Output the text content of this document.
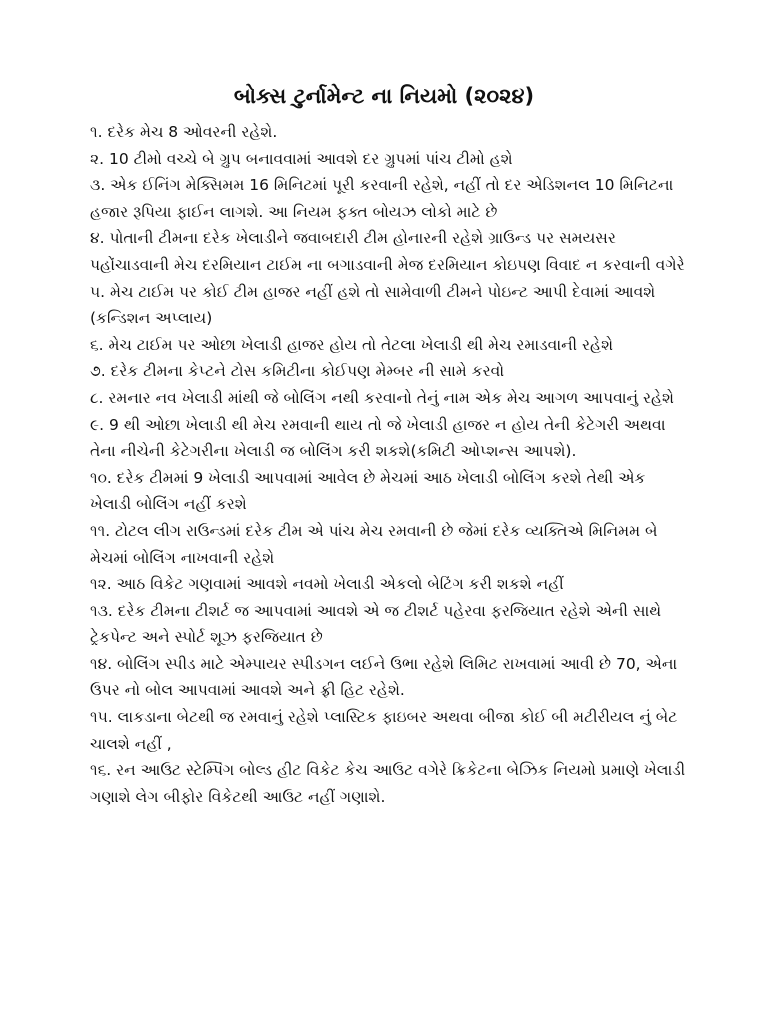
બોક્સ ટુર્નામેન્ટ ના નિયમો (૨૦૨૪)
૧. દરેક મેચ 8 ઓવરની રહેશે.
૨. 10 ટીમો વચ્ચે બે ગ્રુપ બનાવવામાં આવશે દર ગ્રુપમાં પાંચ ટીમો હશે
૩. એક ઈનિંગ મેક્સિમમ 16 મિનિટમાં પૂરી કરવાની રહેશે, નહીં તો દર એડિશનલ 10 મિનિટના હજાર રૂપિયા ફાઈન લાગશે. આ નિયમ ફક્ત બોયઝ લોકો માટે છે
૪. પોતાની ટીમના દરેક ખેલાડીને જવાબદારી ટીમ હોનારની રહેશે ગ્રાઉન્ડ પર સમયસર પહોંચાડવાની મેચ દરમિયાન ટાઈમ ના બગાડવાની મેજ દરમિયાન કોઇપણ વિવાદ ન કરવાની વગેરે
૫. મેચ ટાઈમ પર કોઈ ટીમ હાજર નહીં હશે તો સામેવાળી ટીમને પોઇન્ટ આપી દેવામાં આવશે (કન્ડિશન અપ્લાય)
૬. મેચ ટાઈમ પર ઓછા ખેલાડી હાજર હોય તો તેટલા ખેલાડી થી મેચ રમાડવાની રહેશે
૭. દરેક ટીમના કેપ્ટને ટોસ કમિટીના કોઈપણ મેમ્બર ની સામે કરવો
૮. રમનાર નવ ખેલાડી માંથી જે બોલિંગ નથી કરવાનો તેનું નામ એક મેચ આગળ આપવાનું રહેશે
૯. 9 થી ઓછા ખેલાડી થી મેચ રમવાની થાય તો જે ખેલાડી હાજર ન હોય તેની કેટેગરી અથવા તેના નીચેની કેટેગરીના ખેલાડી જ બોલિંગ કરી શકશે(કમિટી ઓપ્શન્સ આપશે).
૧૦. દરેક ટીમમાં 9 ખેલાડી આપવામાં આવેલ છે મેચમાં આઠ ખેલાડી બોલિંગ કરશે તેથી એક ખેલાડી બોલિંગ નહીં કરશે
૧૧. ટોટલ લીગ રાઉન્ડમાં દરેક ટીમ એ પાંચ મેચ રમવાની છે જેમાં દરેક વ્યક્તિએ મિનિમમ બે મેચમાં બોલિંગ નાખવાની રહેશે
૧૨. આઠ વિકેટ ગણવામાં આવશે નવમો ખેલાડી એકલો બેટિંગ કરી શકશે નહીં
૧૩. દરેક ટીમના ટીશર્ટ જ આપવામાં આવશે એ જ ટીશર્ટ પહેરવા ફરજિયાત રહેશે એની સાથે ટ્રેકપેન્ટ અને સ્પોર્ટ શૂઝ ફરજિયાત છે
૧૪. બોલિંગ સ્પીડ માટે એમ્પાયર સ્પીડગન લઈને ઉભા રહેશે લિમિટ રાખવામાં આવી છે 70, એના ઉપર નો બોલ આપવામાં આવશે અને ફ્રી હિટ રહેશે.
૧૫. લાકડાના બેટથી જ રમવાનું રહેશે પ્લાસ્ટિક ફાઇબર અથવા બીજા કોઈ બી મટીરીયલ નું બેટ ચાલશે નહીં ,
૧૬. રન આઉટ સ્ટેમ્પિંગ બોલ્ડ હીટ વિકેટ કેચ આઉટ વગેરે ક્રિકેટના બેઝિક નિયમો પ્રમાણે ખેલાડી ગણાશે લેગ બીફોર વિકેટથી આઉટ નહીં ગણાશે.
